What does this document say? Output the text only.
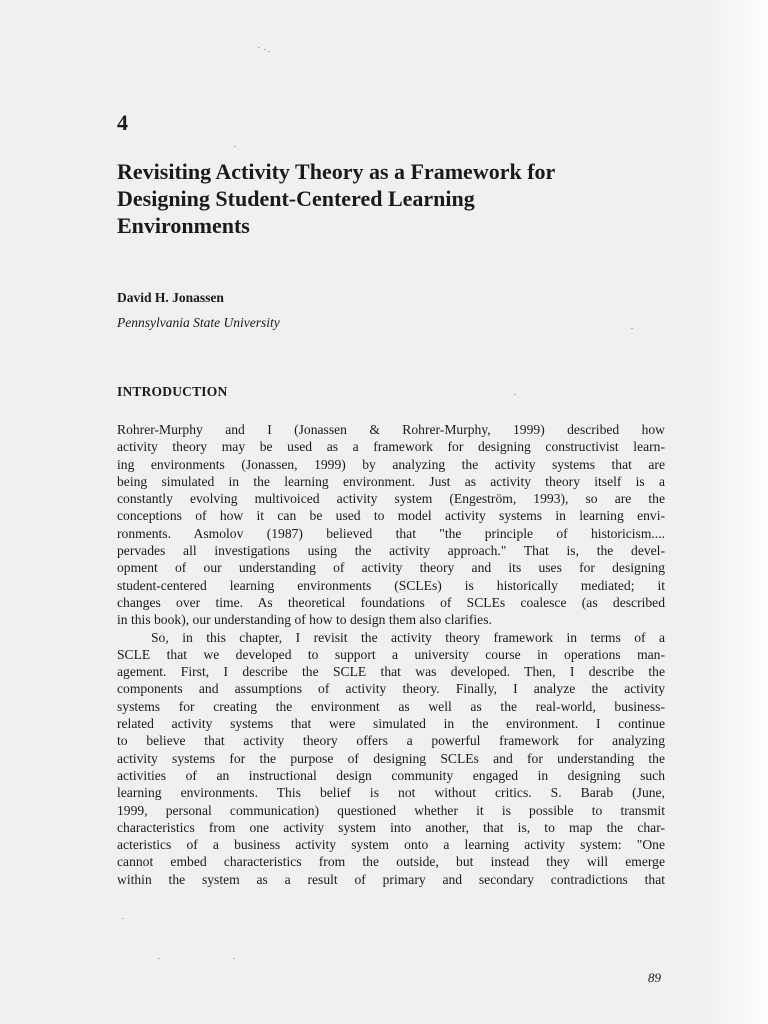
4
Revisiting Activity Theory as a Framework for
Designing Student-Centered Learning
Environments
David H. Jonassen
Pennsylvania State University
INTRODUCTION
Rohrer-Murphy and I (Jonassen & Rohrer-Murphy, 1999) described how
activity theory may be used as a framework for designing constructivist learn-
ing environments (Jonassen, 1999) by analyzing the activity systems that are
being simulated in the learning environment. Just as activity theory itself is a
constantly evolving multivoiced activity system (Engeström, 1993), so are the
conceptions of how it can be used to model activity systems in learning envi-
ronments. Asmolov (1987) believed that "the principle of historicism....
pervades all investigations using the activity approach." That is, the devel-
opment of our understanding of activity theory and its uses for designing
student-centered learning environments (SCLEs) is historically mediated; it
changes over time. As theoretical foundations of SCLEs coalesce (as described
in this book), our understanding of how to design them also clarifies.
So, in this chapter, I revisit the activity theory framework in terms of a
SCLE that we developed to support a university course in operations man-
agement. First, I describe the SCLE that was developed. Then, I describe the
components and assumptions of activity theory. Finally, I analyze the activity
systems for creating the environment as well as the real-world, business-
related activity systems that were simulated in the environment. I continue
to believe that activity theory offers a powerful framework for analyzing
activity systems for the purpose of designing SCLEs and for understanding the
activities of an instructional design community engaged in designing such
learning environments. This belief is not without critics. S. Barab (June,
1999, personal communication) questioned whether it is possible to transmit
characteristics from one activity system into another, that is, to map the char-
acteristics of a business activity system onto a learning activity system: "One
cannot embed characteristics from the outside, but instead they will emerge
within the system as a result of primary and secondary contradictions that
89
